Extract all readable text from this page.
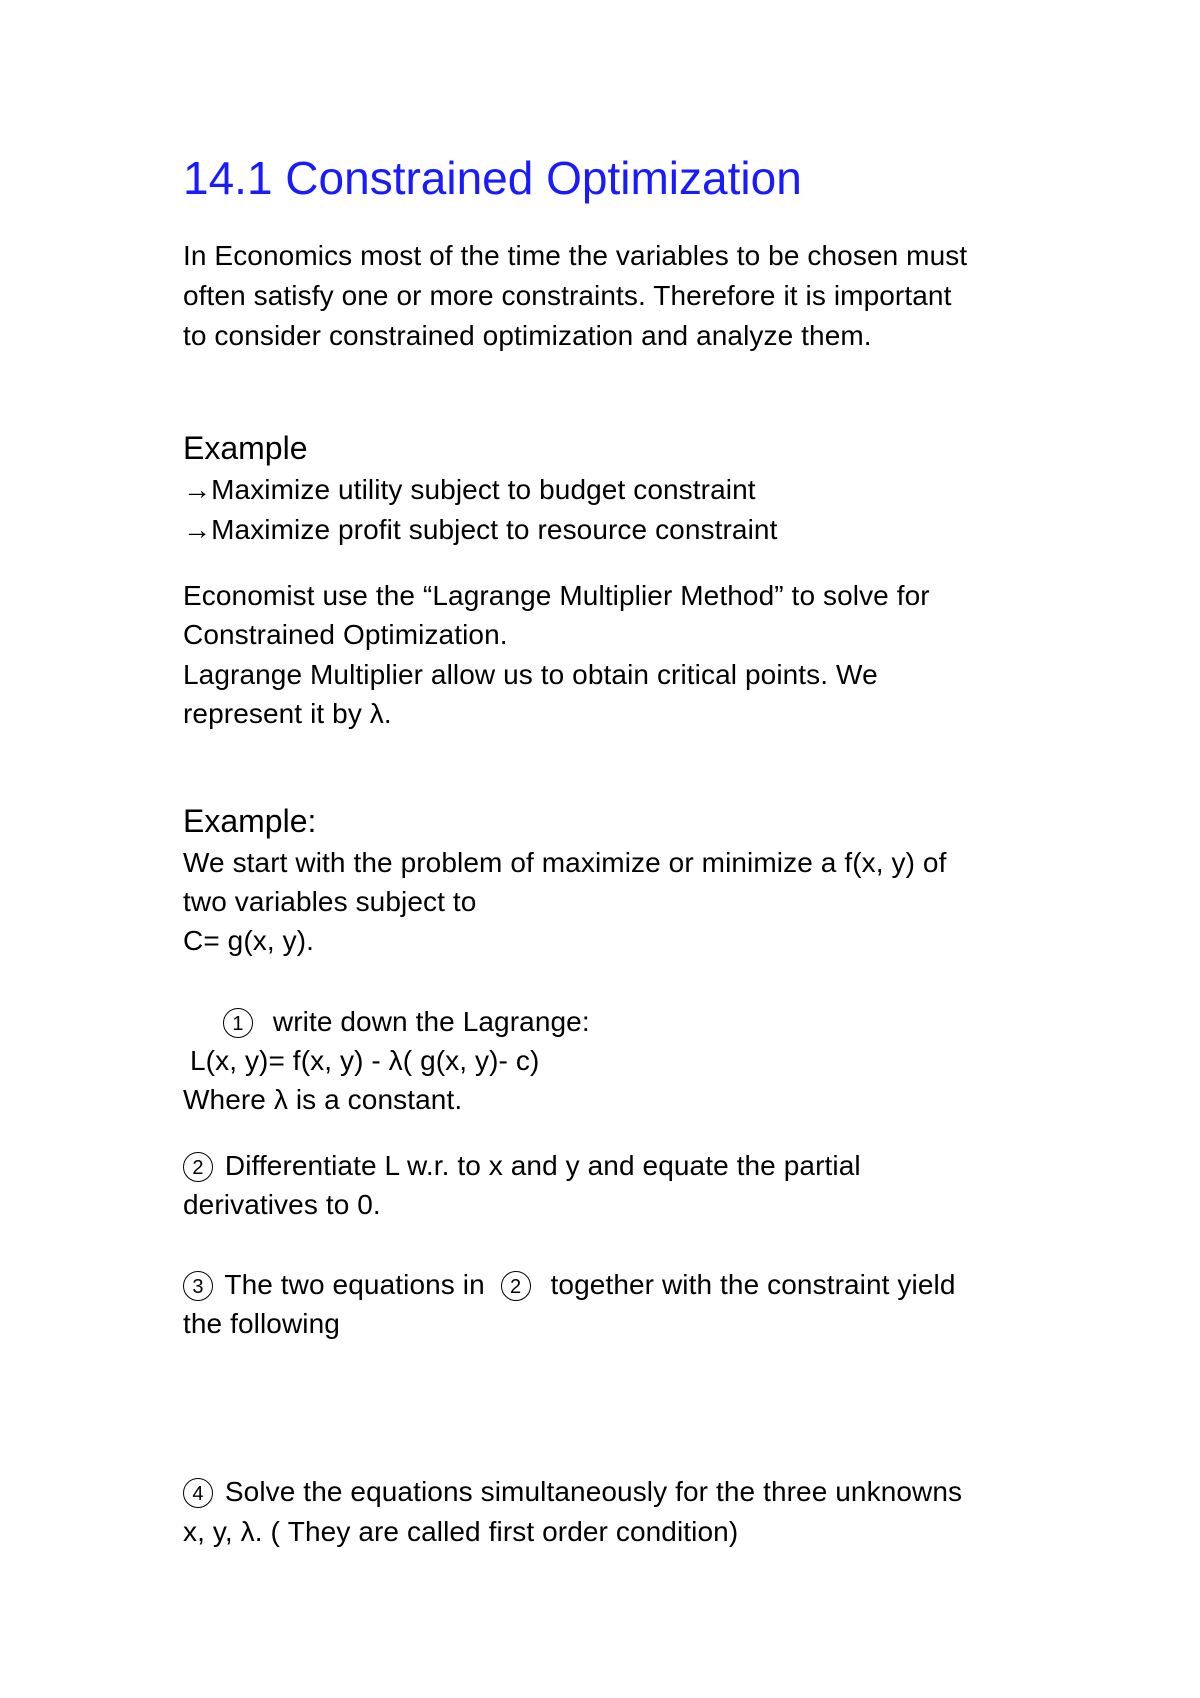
14.1 Constrained Optimization
In Economics most of the time the variables to be chosen must
often satisfy one or more constraints. Therefore it is important
to consider constrained optimization and analyze them.
Example
→Maximize utility subject to budget constraint
→Maximize profit subject to resource constraint
Economist use the “Lagrange Multiplier Method” to solve for
Constrained Optimization.
Lagrange Multiplier allow us to obtain critical points. We
represent it by λ.
Example:
We start with the problem of maximize or minimize a f(x, y) of
two variables subject to
C= g(x, y).
1 write down the Lagrange:
L(x, y)= f(x, y) - λ( g(x, y)- c)
Where λ is a constant.
2 Differentiate L w.r. to x and y and equate the partial
derivatives to 0.
3 The two equations in 2 together with the constraint yield
the following
4 Solve the equations simultaneously for the three unknowns
x, y, λ. ( They are called first order condition)
